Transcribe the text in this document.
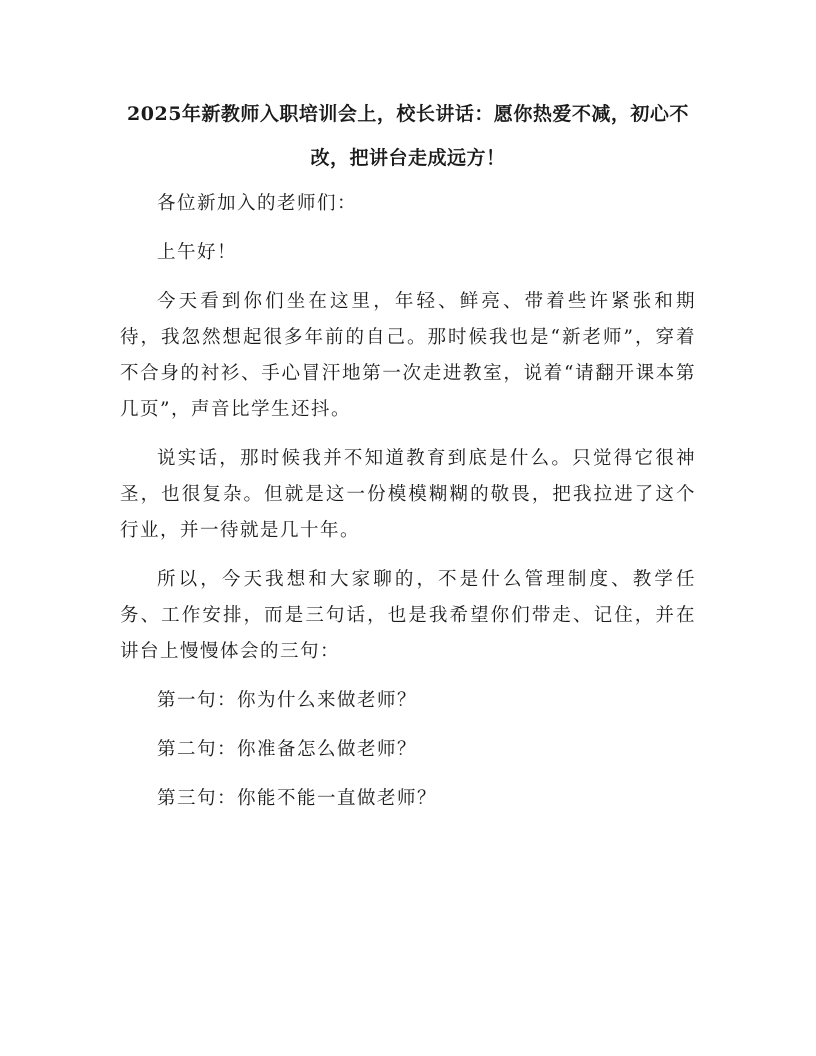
2025年新教师入职培训会上，校长讲话：愿你热爱不减，初心不改，把讲台走成远方！

各位新加入的老师们：

上午好！

今天看到你们坐在这里，年轻、鲜亮、带着些许紧张和期待，我忽然想起很多年前的自己。那时候我也是“新老师”，穿着不合身的衬衫、手心冒汗地第一次走进教室，说着“请翻开课本第几页”，声音比学生还抖。

说实话，那时候我并不知道教育到底是什么。只觉得它很神圣，也很复杂。但就是这一份模模糊糊的敬畏，把我拉进了这个行业，并一待就是几十年。

所以，今天我想和大家聊的，不是什么管理制度、教学任务、工作安排，而是三句话，也是我希望你们带走、记住，并在讲台上慢慢体会的三句：

第一句：你为什么来做老师？

第二句：你准备怎么做老师？

第三句：你能不能一直做老师？
